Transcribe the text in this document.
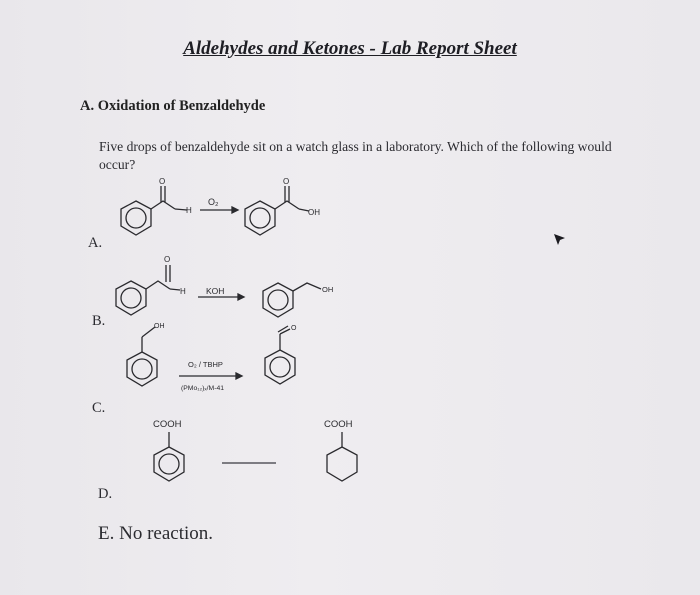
Aldehydes and Ketones - Lab Report Sheet
A. Oxidation of Benzaldehyde
Five drops of benzaldehyde sit on a watch glass in a laboratory. Which of the following would occur?
A.
B.
C.
D.
E. No reaction.
O
H
O₂
O
OH
O
H KOH	OH
OH
O₂ / TBHP
(PMo₁₂)ₓ/M-41
O
COOH	COOH
